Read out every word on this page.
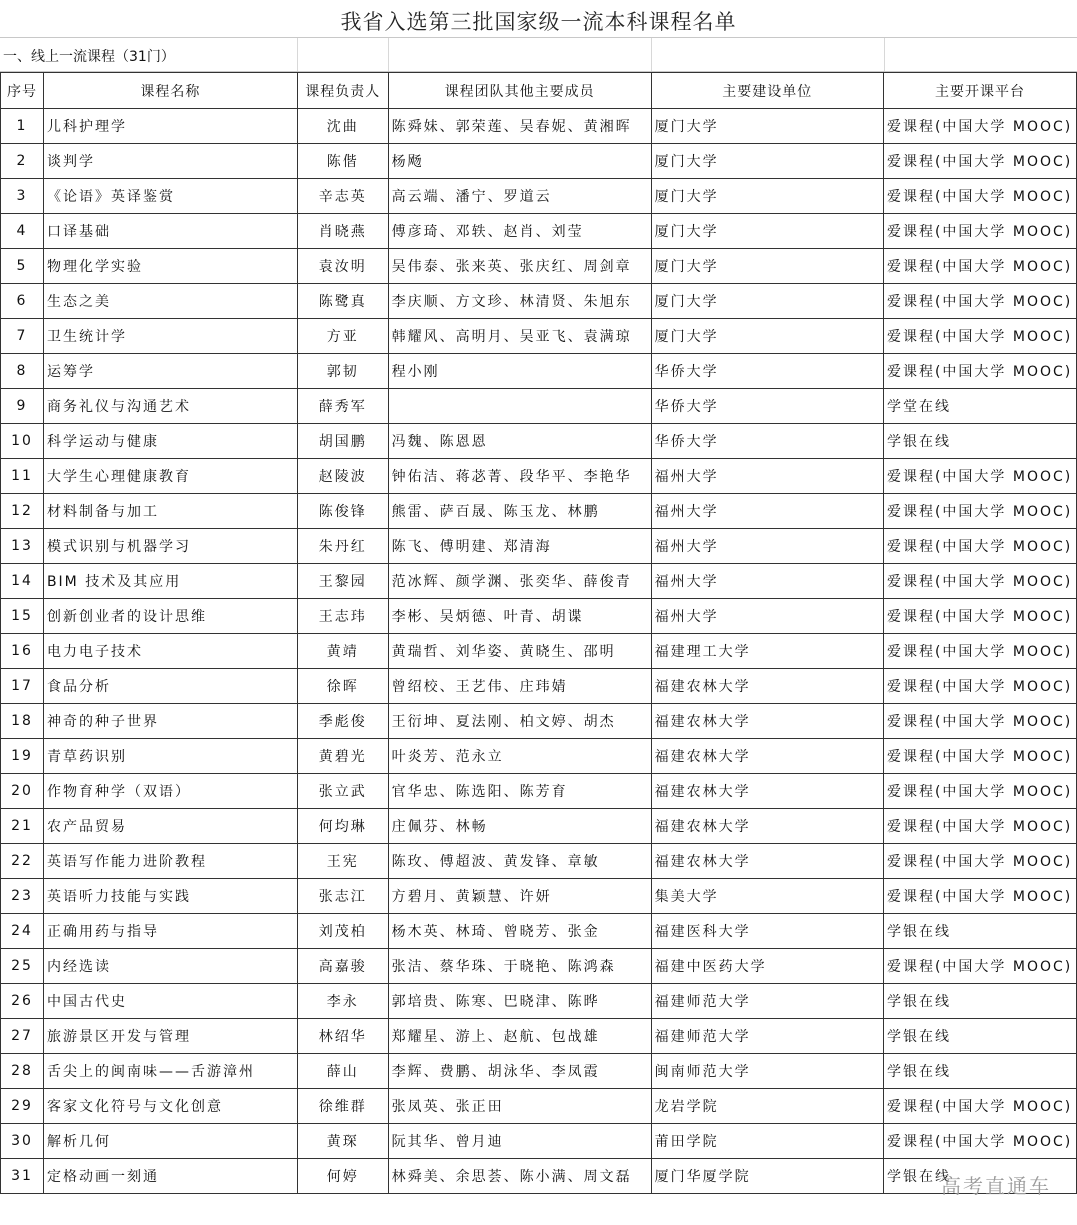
我省入选第三批国家级一流本科课程名单
一、线上一流课程（31门）
序号	课程名称	课程负责人	课程团队其他主要成员	主要建设单位	主要开课平台
1	儿科护理学	沈曲	陈舜妹、郭荣莲、吴春妮、黄湘晖	厦门大学	爱课程(中国大学 MOOC)
2	谈判学	陈偕	杨飏	厦门大学	爱课程(中国大学 MOOC)
3	《论语》英译鉴赏	辛志英	高云端、潘宁、罗道云	厦门大学	爱课程(中国大学 MOOC)
4	口译基础	肖晓燕	傅彦琦、邓轶、赵肖、刘莹	厦门大学	爱课程(中国大学 MOOC)
5	物理化学实验	袁汝明	吴伟泰、张来英、张庆红、周剑章	厦门大学	爱课程(中国大学 MOOC)
6	生态之美	陈鹭真	李庆顺、方文珍、林清贤、朱旭东	厦门大学	爱课程(中国大学 MOOC)
7	卫生统计学	方亚	韩耀风、高明月、吴亚飞、袁满琼	厦门大学	爱课程(中国大学 MOOC)
8	运筹学	郭韧	程小刚	华侨大学	爱课程(中国大学 MOOC)
9	商务礼仪与沟通艺术	薛秀军		华侨大学	学堂在线
10	科学运动与健康	胡国鹏	冯魏、陈恩恩	华侨大学	学银在线
11	大学生心理健康教育	赵陵波	钟佑洁、蒋苾菁、段华平、李艳华	福州大学	爱课程(中国大学 MOOC)
12	材料制备与加工	陈俊锋	熊雷、萨百晟、陈玉龙、林鹏	福州大学	爱课程(中国大学 MOOC)
13	模式识别与机器学习	朱丹红	陈飞、傅明建、郑清海	福州大学	爱课程(中国大学 MOOC)
14	BIM 技术及其应用	王黎园	范冰辉、颜学渊、张奕华、薛俊青	福州大学	爱课程(中国大学 MOOC)
15	创新创业者的设计思维	王志玮	李彬、吴炳德、叶青、胡谍	福州大学	爱课程(中国大学 MOOC)
16	电力电子技术	黄靖	黄瑞哲、刘华姿、黄晓生、邵明	福建理工大学	爱课程(中国大学 MOOC)
17	食品分析	徐晖	曾绍校、王艺伟、庄玮婧	福建农林大学	爱课程(中国大学 MOOC)
18	神奇的种子世界	季彪俊	王衍坤、夏法刚、柏文婷、胡杰	福建农林大学	爱课程(中国大学 MOOC)
19	青草药识别	黄碧光	叶炎芳、范永立	福建农林大学	爱课程(中国大学 MOOC)
20	作物育种学（双语）	张立武	官华忠、陈选阳、陈芳育	福建农林大学	爱课程(中国大学 MOOC)
21	农产品贸易	何均琳	庄佩芬、林畅	福建农林大学	爱课程(中国大学 MOOC)
22	英语写作能力进阶教程	王宪	陈玫、傅超波、黄发锋、章敏	福建农林大学	爱课程(中国大学 MOOC)
23	英语听力技能与实践	张志江	方碧月、黄颖慧、许妍	集美大学	爱课程(中国大学 MOOC)
24	正确用药与指导	刘茂柏	杨木英、林琦、曾晓芳、张金	福建医科大学	学银在线
25	内经选读	高嘉骏	张洁、蔡华珠、于晓艳、陈鸿森	福建中医药大学	爱课程(中国大学 MOOC)
26	中国古代史	李永	郭培贵、陈寒、巴晓津、陈晔	福建师范大学	学银在线
27	旅游景区开发与管理	林绍华	郑耀星、游上、赵航、包战雄	福建师范大学	学银在线
28	舌尖上的闽南味——舌游漳州	薛山	李辉、费鹏、胡泳华、李凤霞	闽南师范大学	学银在线
29	客家文化符号与文化创意	徐维群	张凤英、张正田	龙岩学院	爱课程(中国大学 MOOC)
30	解析几何	黄琛	阮其华、曾月迪	莆田学院	爱课程(中国大学 MOOC)
31	定格动画一刻通	何婷	林舜美、余思荟、陈小满、周文磊	厦门华厦学院	学银在线
高考直通车
